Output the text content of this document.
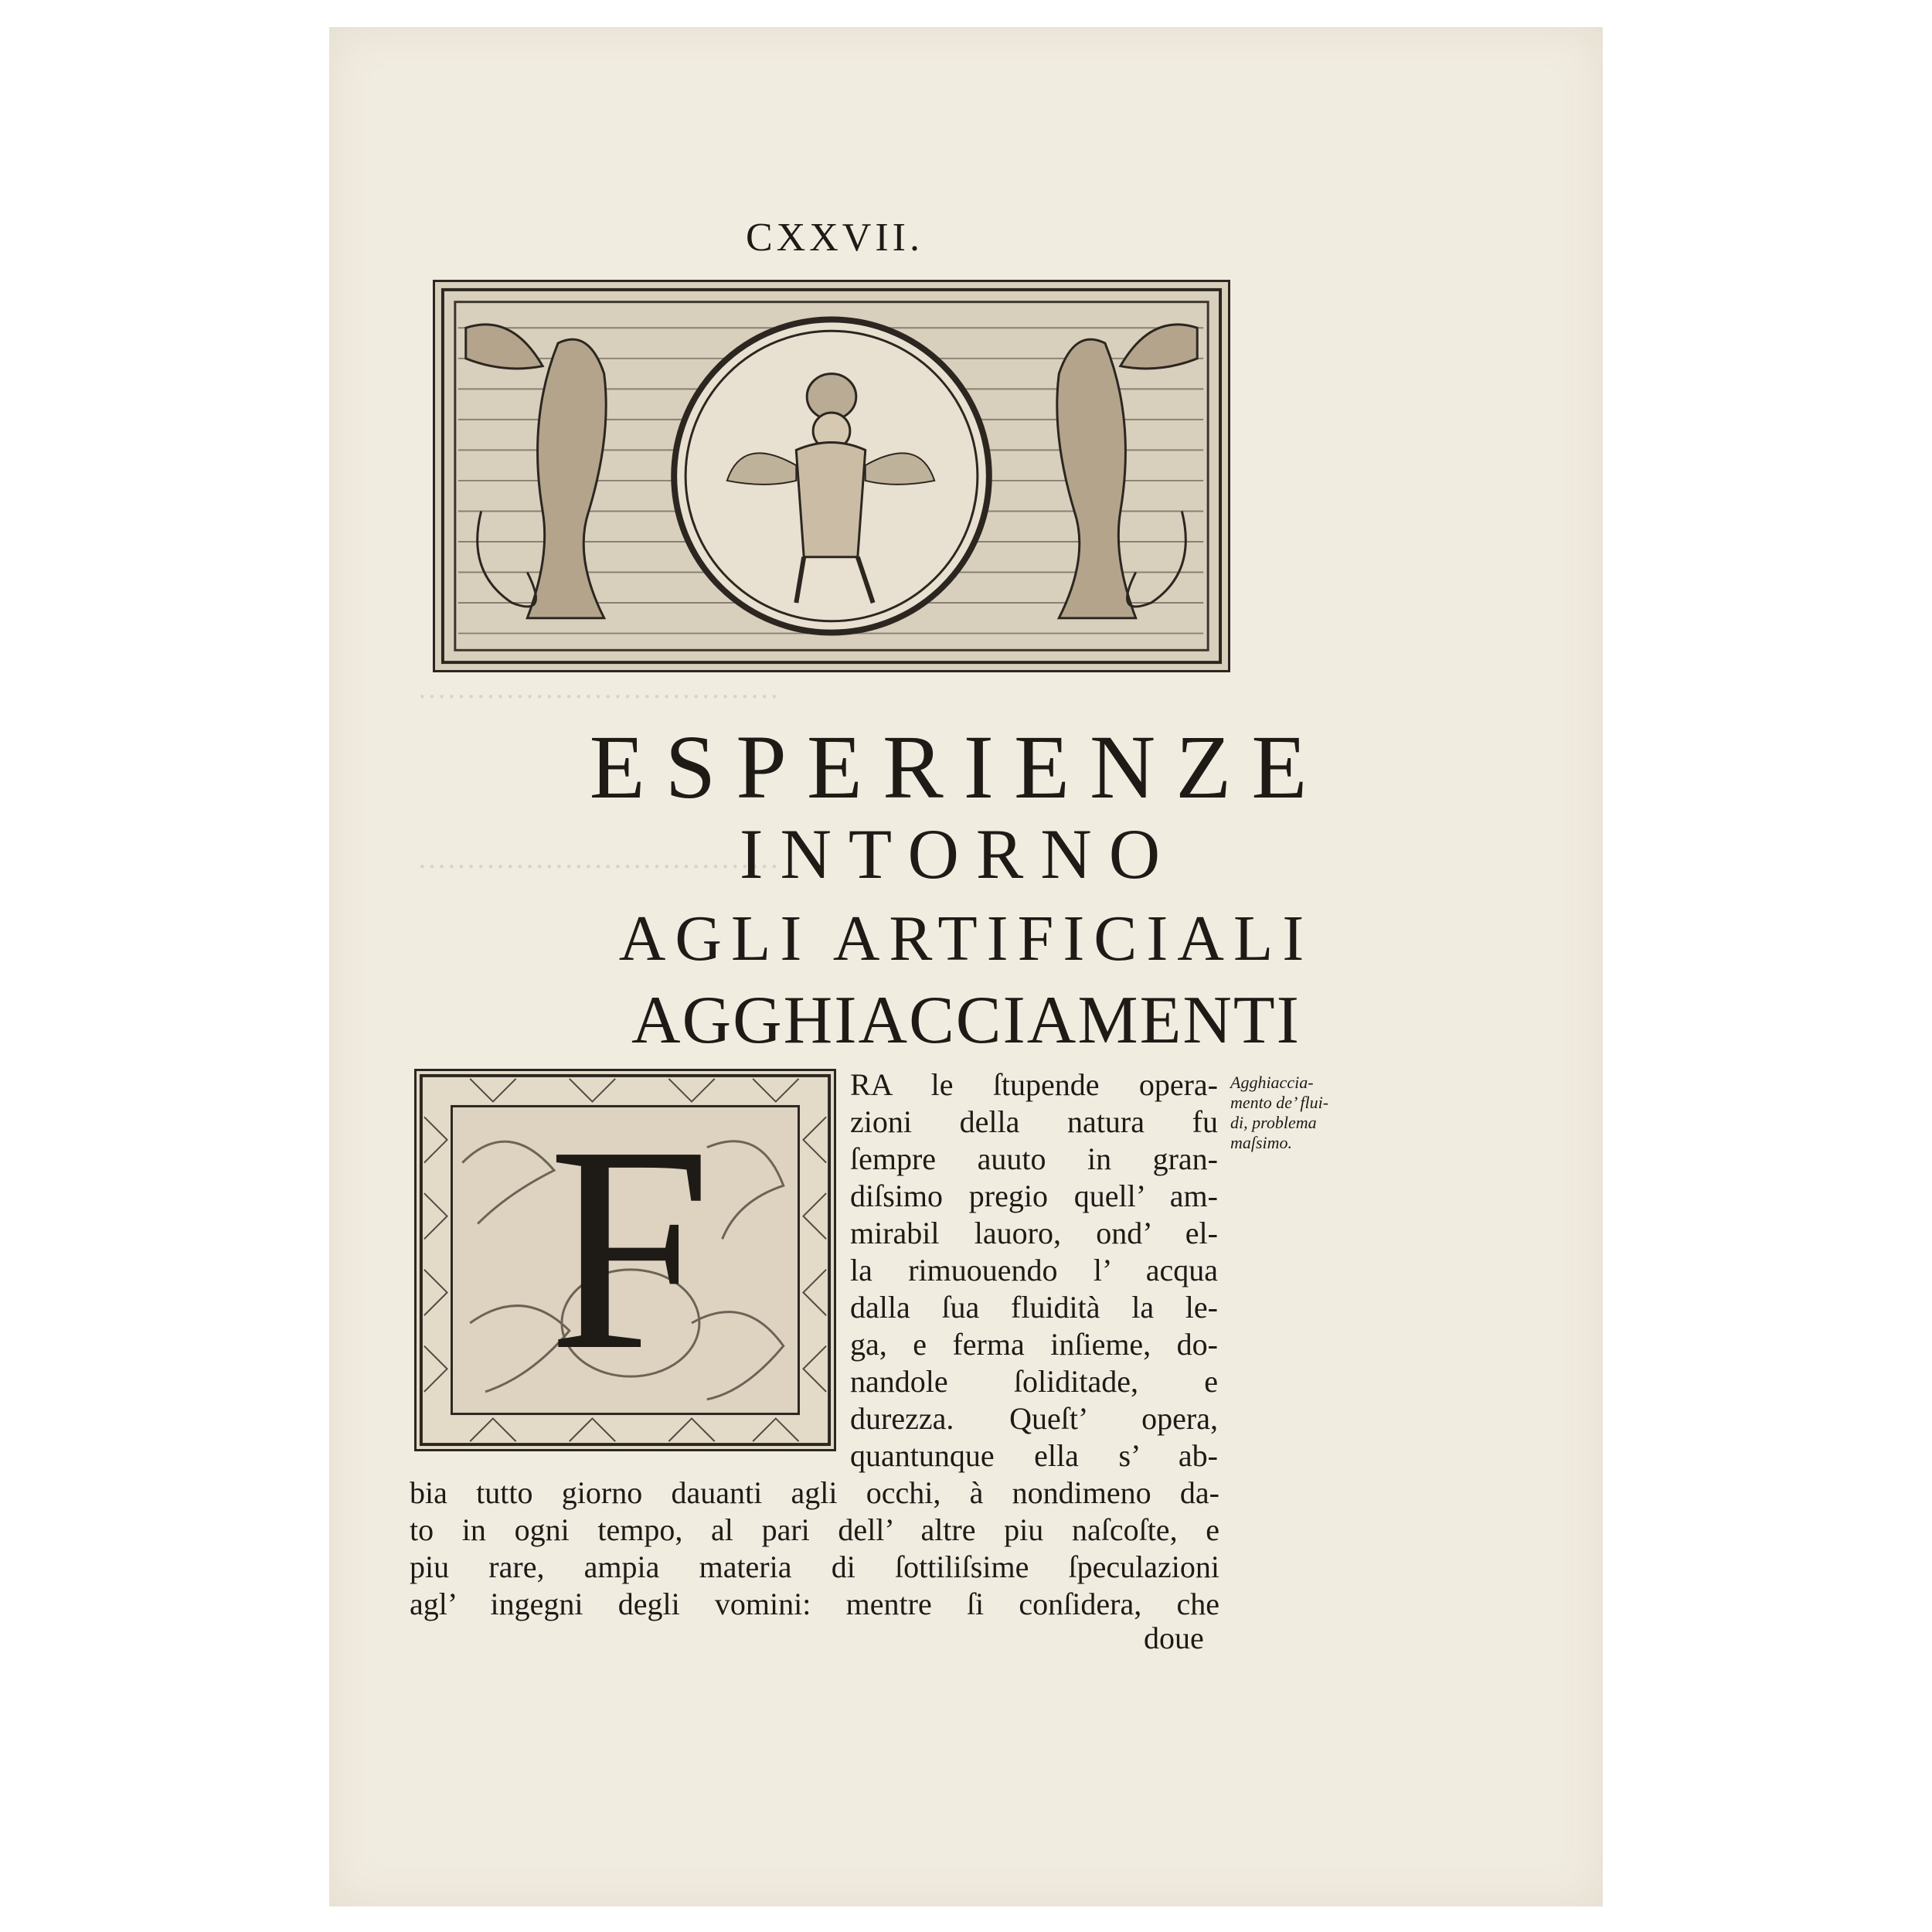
·····································
·····································
CXXVII.
ESPERIENZE
INTORNO
AGLI ARTIFICIALI
AGGHIACCIAMENTI
F
RA le ſtupende opera-
zioni della natura fu
ſempre auuto in gran-
diſsimo pregio quell’ am-
mirabil lauoro, ond’ el-
la rimuouendo l’ acqua
dalla ſua fluidità la le-
ga, e ferma inſieme, do-
nandole ſoliditade, e
durezza. Queſt’ opera,
quantunque ella s’ ab-
bia tutto giorno dauanti agli occhi, à nondimeno da-
to in ogni tempo, al pari dell’ altre piu naſcoſte, e
piu rare, ampia materia di ſottiliſsime ſpeculazioni
agl’ ingegni degli vomini: mentre ſi conſidera, che
doue
Agghiaccia-
mento de’ flui-
di, problema
maſsimo.
